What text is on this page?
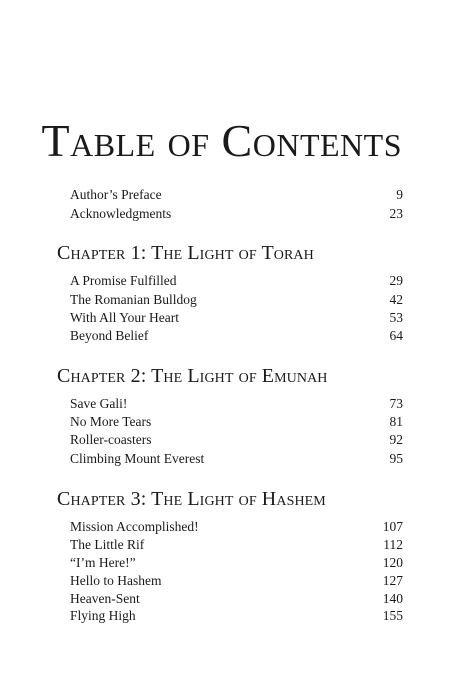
Table of Contents
Author’s Preface	9
Acknowledgments	23
Chapter 1: The Light of Torah
A Promise Fulfilled	29
The Romanian Bulldog	42
With All Your Heart	53
Beyond Belief	64
Chapter 2: The Light of Emunah
Save Gali!	73
No More Tears	81
Roller-coasters	92
Climbing Mount Everest	95
Chapter 3: The Light of Hashem
Mission Accomplished!	107
The Little Rif	112
“I’m Here!”	120
Hello to Hashem	127
Heaven-Sent	140
Flying High	155
